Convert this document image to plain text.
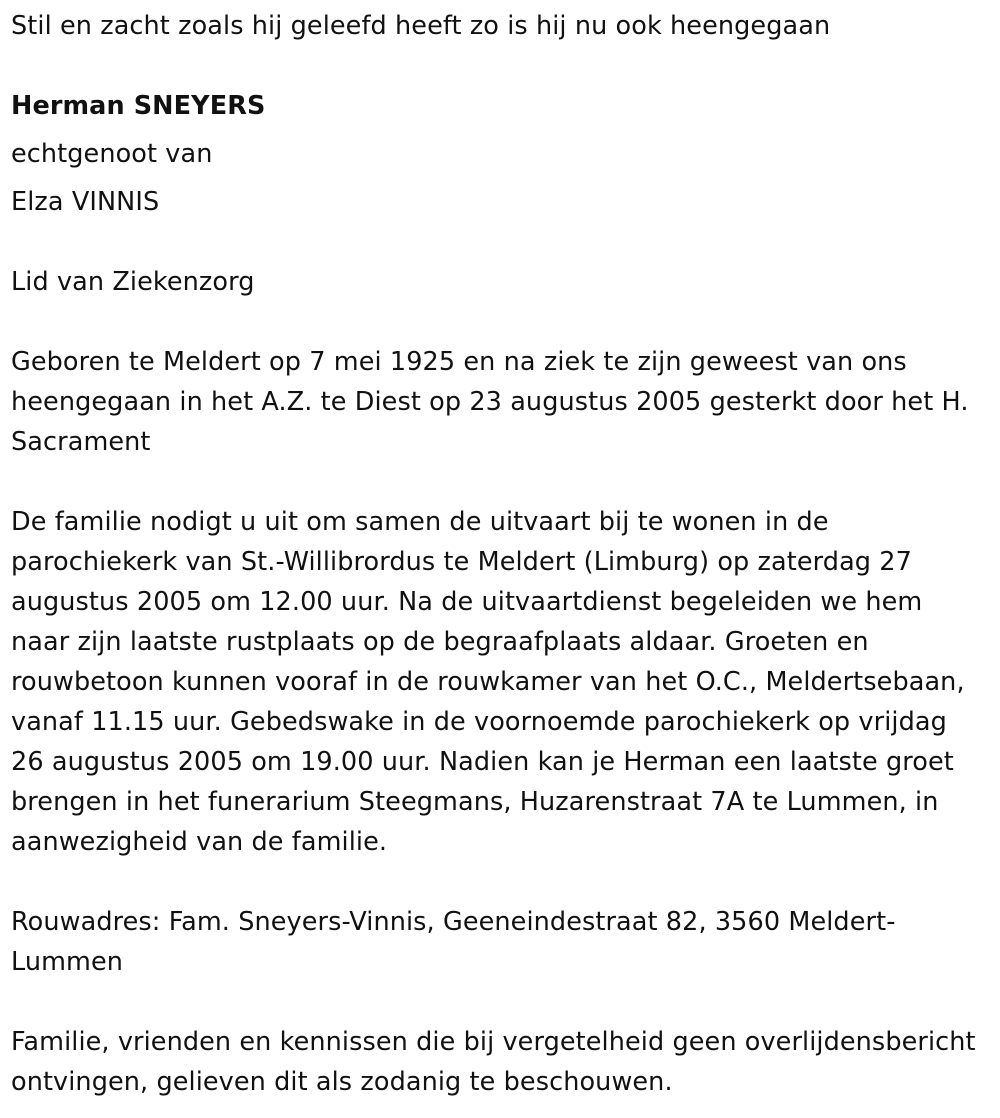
Stil en zacht zoals hij geleefd heeft zo is hij nu ook heengegaan

Herman SNEYERS

echtgenoot van

Elza VINNIS

Lid van Ziekenzorg

Geboren te Meldert op 7 mei 1925 en na ziek te zijn geweest van ons heengegaan in het A.Z. te Diest op 23 augustus 2005 gesterkt door het H. Sacrament

De familie nodigt u uit om samen de uitvaart bij te wonen in de parochiekerk van St.-Willibrordus te Meldert (Limburg) op zaterdag 27 augustus 2005 om 12.00 uur. Na de uitvaartdienst begeleiden we hem naar zijn laatste rustplaats op de begraafplaats aldaar. Groeten en rouwbetoon kunnen vooraf in de rouwkamer van het O.C., Meldertsebaan, vanaf 11.15 uur. Gebedswake in de voornoemde parochiekerk op vrijdag 26 augustus 2005 om 19.00 uur. Nadien kan je Herman een laatste groet brengen in het funerarium Steegmans, Huzarenstraat 7A te Lummen, in aanwezigheid van de familie.

Rouwadres: Fam. Sneyers-Vinnis, Geeneindestraat 82, 3560 Meldert-Lummen

Familie, vrienden en kennissen die bij vergetelheid geen overlijdensbericht ontvingen, gelieven dit als zodanig te beschouwen.
